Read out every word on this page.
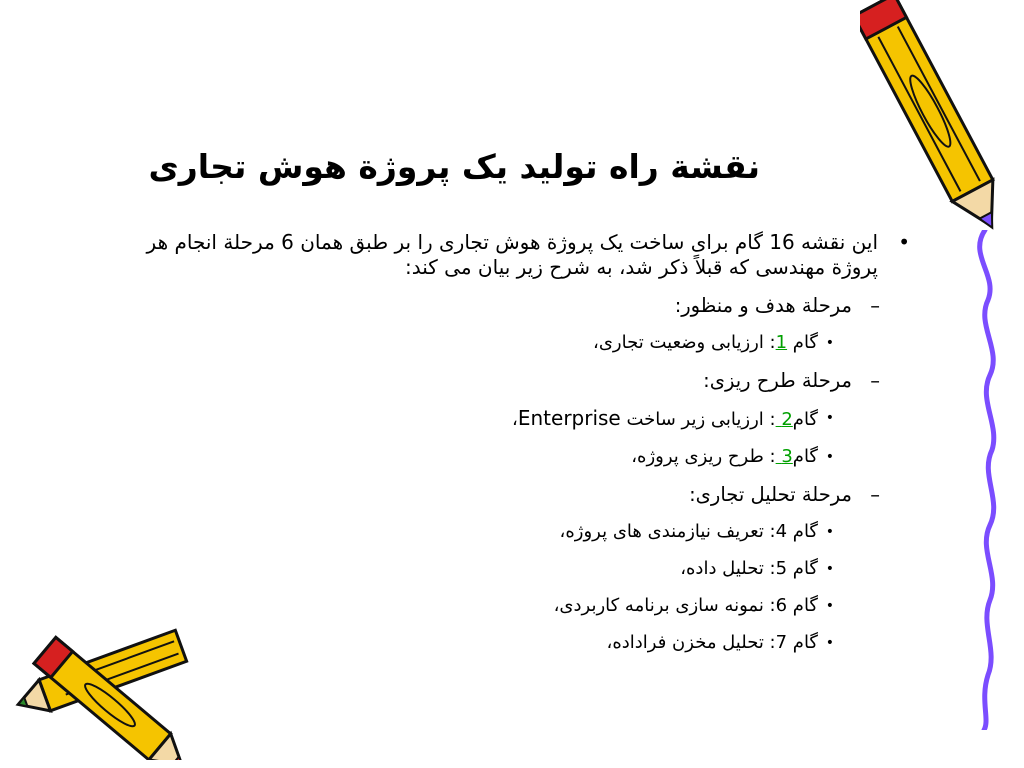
نقشة راه تولید یک پروژة هوش تجاری
•
این نقشه 16 گام برای ساخت یک پروژة هوش تجاری را بر طبق همان 6 مرحلة انجام هر پروژة مهندسی که قبلاً ذکر شد، به شرح زیر بیان می کند:
–
مرحلة هدف و منظور:
•
گام 1: ارزیابی وضعیت تجاری،
–
مرحلة طرح ریزی:
•
گام2 : ارزیابی زیر ساخت Enterprise،
•
گام3 : طرح ریزی پروژه،
–
مرحلة تحلیل تجاری:
•
گام 4: تعریف نیازمندی های پروژه،
•
گام 5: تحلیل داده،
•
گام 6: نمونه سازی برنامه کاربردی،
•
گام 7: تحلیل مخزن فراداده،
